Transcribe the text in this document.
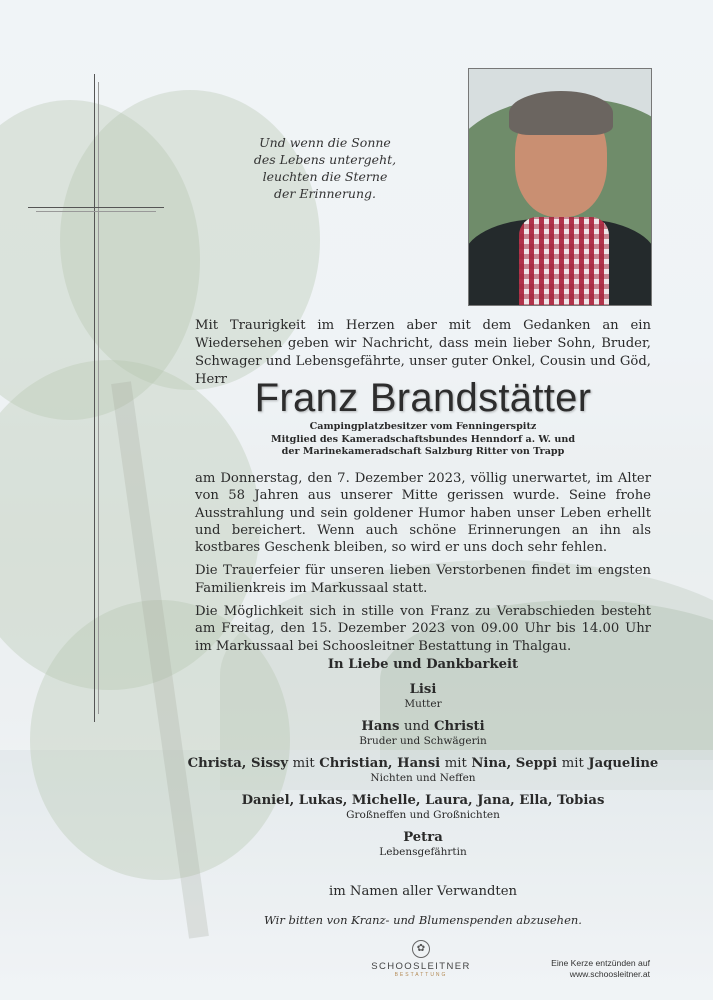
Und wenn die Sonne
des Lebens untergeht,
leuchten die Sterne
der Erinnerung.
Mit Traurigkeit im Herzen aber mit dem Gedanken an ein Wiedersehen geben wir Nachricht, dass mein lieber Sohn, Bruder, Schwager und Lebensgefährte, unser guter Onkel, Cousin und Göd, Herr Franz Brandstätter
Campingplatzbesitzer vom Fenningerspitz
Mitglied des Kameradschaftsbundes Henndorf a. W. und
der Marinekameradschaft Salzburg Ritter von Trapp

am Donnerstag, den 7. Dezember 2023, völlig unerwartet, im Alter von 58 Jahren aus unserer Mitte gerissen wurde. Seine frohe Ausstrahlung und sein goldener Humor haben unser Leben erhellt und bereichert. Wenn auch schöne Erinnerungen an ihn als kostbares Geschenk bleiben, so wird er uns doch sehr fehlen.

Die Trauerfeier für unseren lieben Verstorbenen findet im engsten Familienkreis im Markussaal statt.

Die Möglichkeit sich in stille von Franz zu Verabschieden besteht am Freitag, den 15. Dezember 2023 von 09.00 Uhr bis 14.00 Uhr im Markussaal bei Schoosleitner Bestattung in Thalgau.

In Liebe und Dankbarkeit
Lisi
Mutter
Hans und Christi
Bruder und Schwägerin
Christa, Sissy mit Christian, Hansi mit Nina, Seppi mit Jaqueline
Nichten und Neffen
Daniel, Lukas, Michelle, Laura, Jana, Ella, Tobias
Großneffen und Großnichten
Petra
Lebensgefährtin
im Namen aller Verwandten
Wir bitten von Kranz- und Blumenspenden abzusehen.
✿
SCHOOSLEITNER
BESTATTUNG
Eine Kerze entzünden auf
www.schoosleitner.at
